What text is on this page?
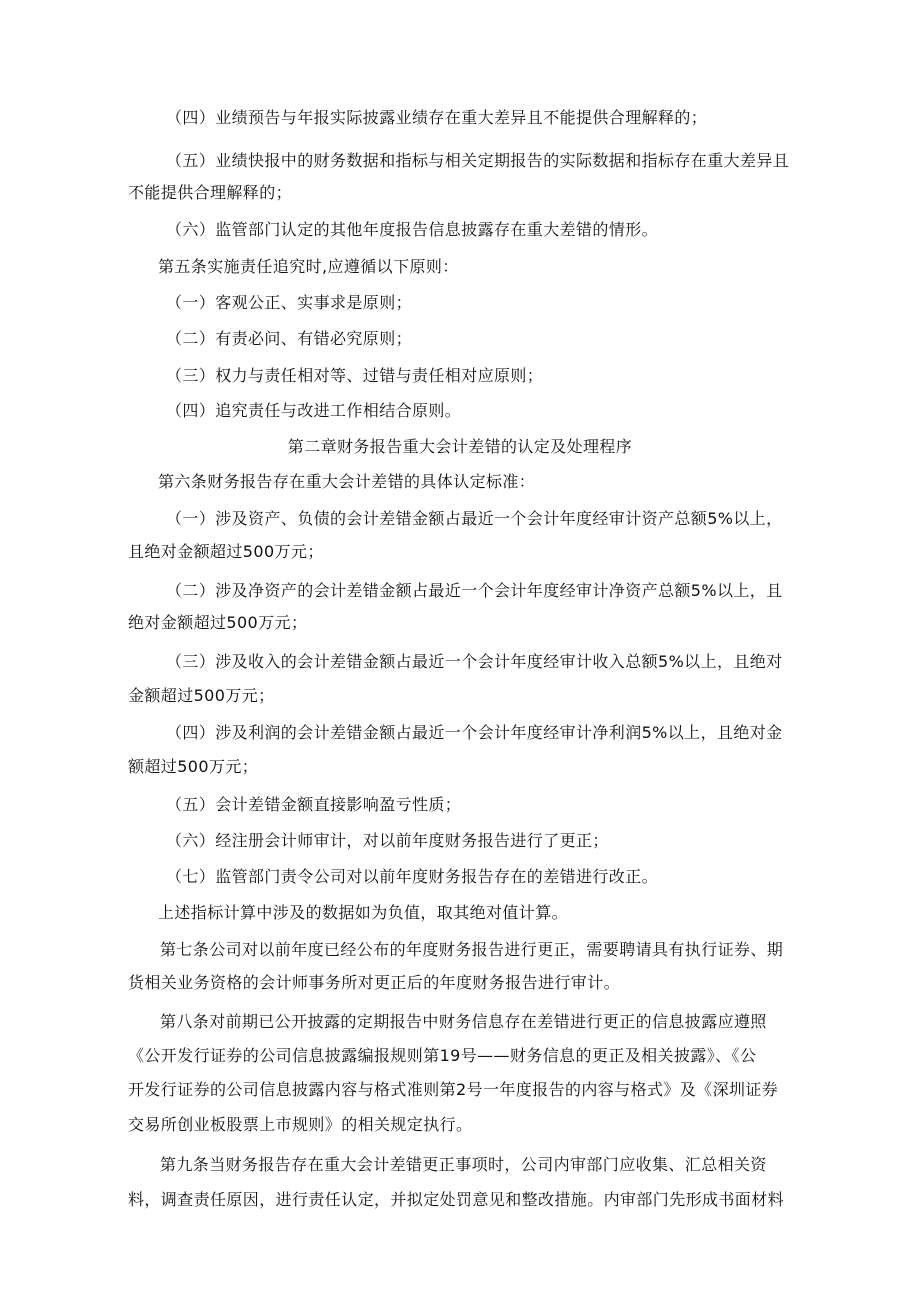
（四）业绩预告与年报实际披露业绩存在重大差异且不能提供合理解释的；
（五）业绩快报中的财务数据和指标与相关定期报告的实际数据和指标存在重大差异且
不能提供合理解释的；
（六）监管部门认定的其他年度报告信息披露存在重大差错的情形。
第五条实施责任追究时,应遵循以下原则：
（一）客观公正、实事求是原则；
（二）有责必问、有错必究原则；
（三）权力与责任相对等、过错与责任相对应原则；
（四）追究责任与改进工作相结合原则。
第二章财务报告重大会计差错的认定及处理程序
第六条财务报告存在重大会计差错的具体认定标准：
（一）涉及资产、负债的会计差错金额占最近一个会计年度经审计资产总额5%以上，
且绝对金额超过500万元；
（二）涉及净资产的会计差错金额占最近一个会计年度经审计净资产总额5%以上，且
绝对金额超过500万元；
（三）涉及收入的会计差错金额占最近一个会计年度经审计收入总额5%以上，且绝对
金额超过500万元；
（四）涉及利润的会计差错金额占最近一个会计年度经审计净利润5%以上，且绝对金
额超过500万元；
（五）会计差错金额直接影响盈亏性质；
（六）经注册会计师审计，对以前年度财务报告进行了更正；
（七）监管部门责令公司对以前年度财务报告存在的差错进行改正。
上述指标计算中涉及的数据如为负值，取其绝对值计算。
第七条公司对以前年度已经公布的年度财务报告进行更正，需要聘请具有执行证券、期
货相关业务资格的会计师事务所对更正后的年度财务报告进行审计。
第八条对前期已公开披露的定期报告中财务信息存在差错进行更正的信息披露应遵照
《公开发行证券的公司信息披露编报规则第19号——财务信息的更正及相关披露》、《公
开发行证券的公司信息披露内容与格式准则第2号一年度报告的内容与格式》及《深圳证券
交易所创业板股票上市规则》的相关规定执行。
第九条当财务报告存在重大会计差错更正事项时，公司内审部门应收集、汇总相关资
料，调查责任原因，进行责任认定，并拟定处罚意见和整改措施。内审部门先形成书面材料
